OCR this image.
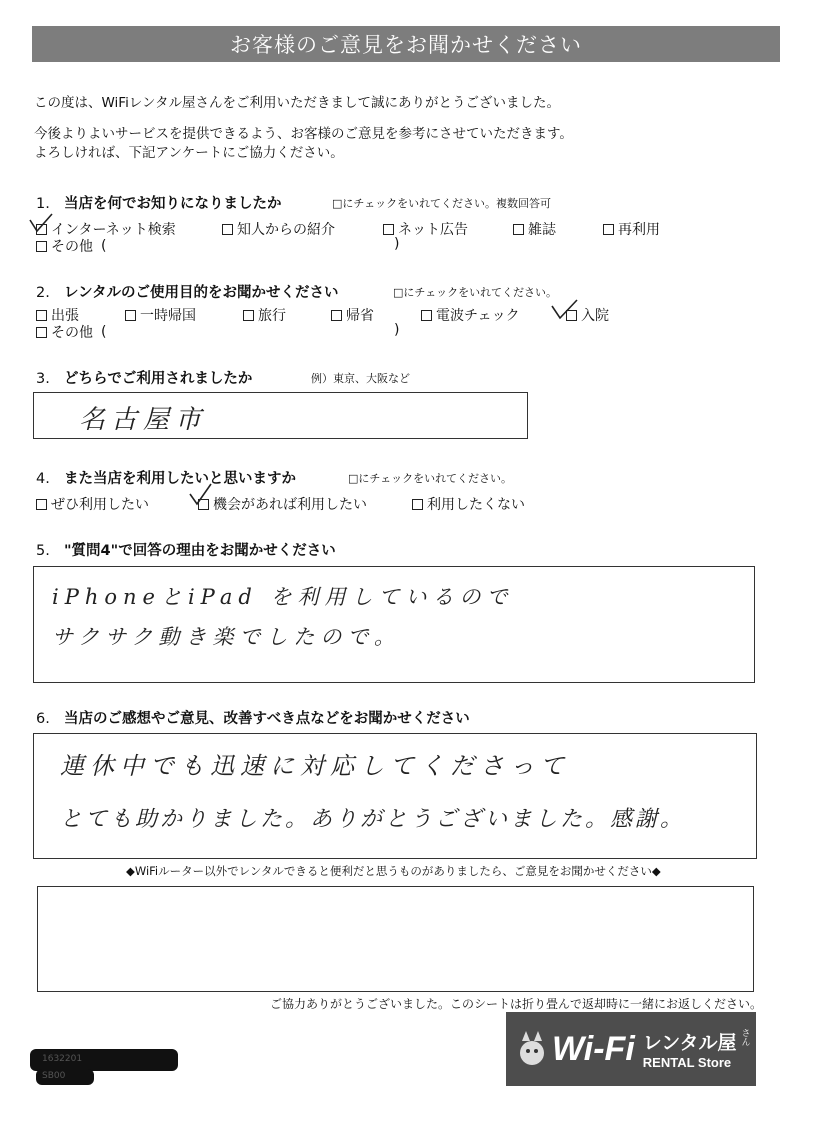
お客様のご意見をお聞かせください
この度は、WiFiレンタル屋さんをご利用いただきまして誠にありがとうございました。
今後よりよいサービスを提供できるよう、お客様のご意見を参考にさせていただきます。
よろしければ、下記アンケートにご協力ください。
1. 当店を何でお知りになりましたか	□にチェックをいれてください。複数回答可
インターネット検索	知人からの紹介	ネット広告	雑誌	再利用
その他 (	)
2. レンタルのご使用目的をお聞かせください	□にチェックをいれてください。
出張	一時帰国	旅行	帰省	電波チェック	入院
その他 (	)
3. どちらでご利用されましたか	例）東京、大阪など
名古屋市
4. また当店を利用したいと思いますか	□にチェックをいれてください。
ぜひ利用したい	機会があれば利用したい	利用したくない
5. "質問4"で回答の理由をお聞かせください
iPhoneとiPad を利用しているので
サクサク動き楽でしたので。
6. 当店のご感想やご意見、改善すべき点などをお聞かせください
連休中でも迅速に対応してくださって
とても助かりました。ありがとうございました。感謝。
◆WiFiルーター以外でレンタルできると便利だと思うものがありましたら、ご意見をお聞かせください◆
ご協力ありがとうございました。このシートは折り畳んで返却時に一緒にお返しください。
1632201
SB00
Wi-Fi レンタル屋 さん
RENTAL Store
